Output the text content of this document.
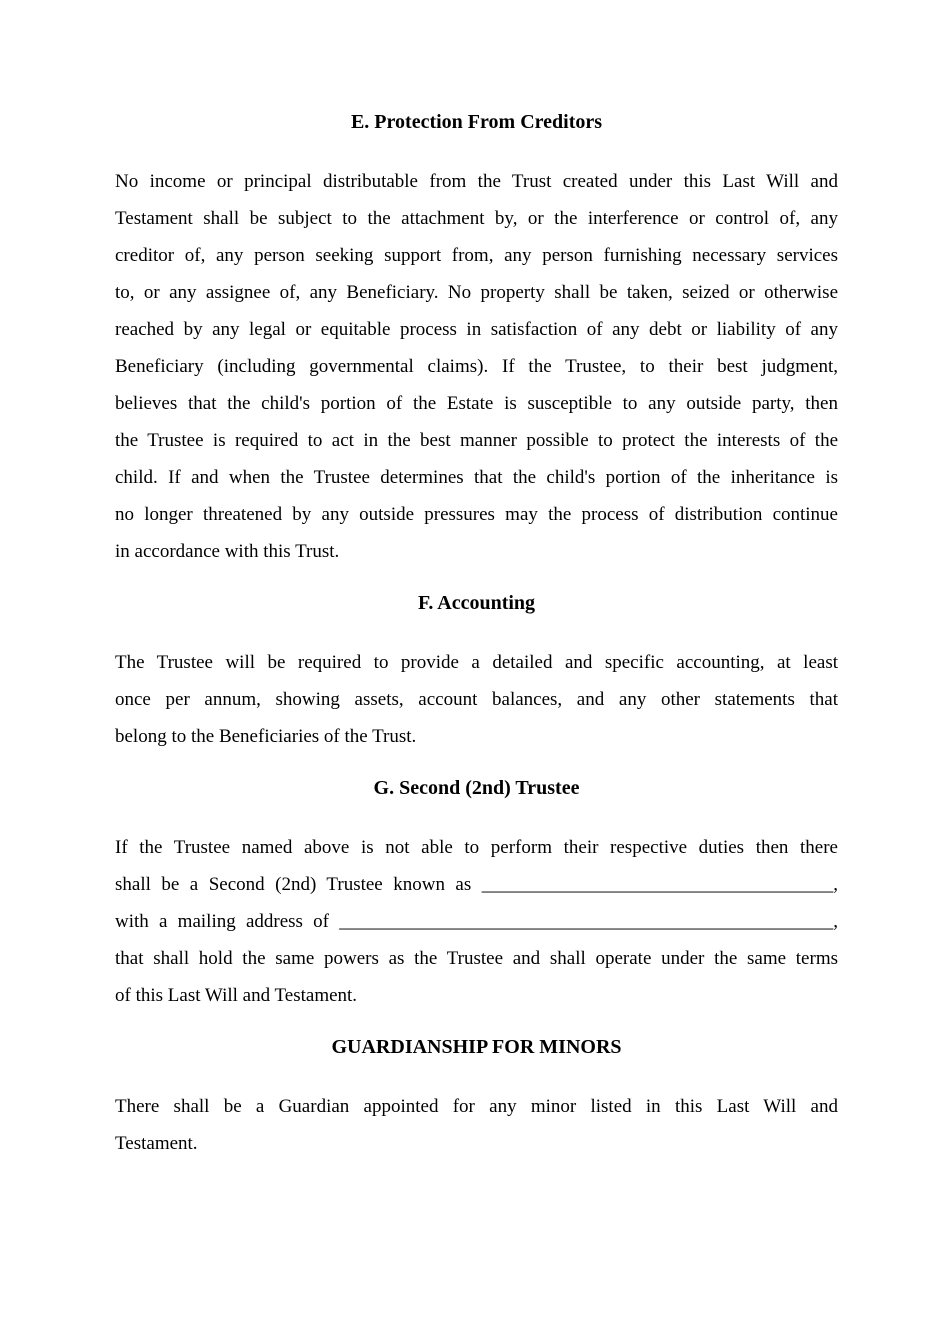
E. Protection From Creditors
No income or principal distributable from the Trust created under this Last Will and
Testament shall be subject to the attachment by, or the interference or control of, any
creditor of, any person seeking support from, any person furnishing necessary services
to, or any assignee of, any Beneficiary. No property shall be taken, seized or otherwise
reached by any legal or equitable process in satisfaction of any debt or liability of any
Beneficiary (including governmental claims). If the Trustee, to their best judgment,
believes that the child's portion of the Estate is susceptible to any outside party, then
the Trustee is required to act in the best manner possible to protect the interests of the
child. If and when the Trustee determines that the child's portion of the inheritance is
no longer threatened by any outside pressures may the process of distribution continue
in accordance with this Trust.
F. Accounting
The Trustee will be required to provide a detailed and specific accounting, at least
once per annum, showing assets, account balances, and any other statements that
belong to the Beneficiaries of the Trust.
G. Second (2nd) Trustee
If the Trustee named above is not able to perform their respective duties then there
shall be a Second (2nd) Trustee known as _____________________________________,
with a mailing address of ____________________________________________________,
that shall hold the same powers as the Trustee and shall operate under the same terms
of this Last Will and Testament.
GUARDIANSHIP FOR MINORS
There shall be a Guardian appointed for any minor listed in this Last Will and
Testament.
